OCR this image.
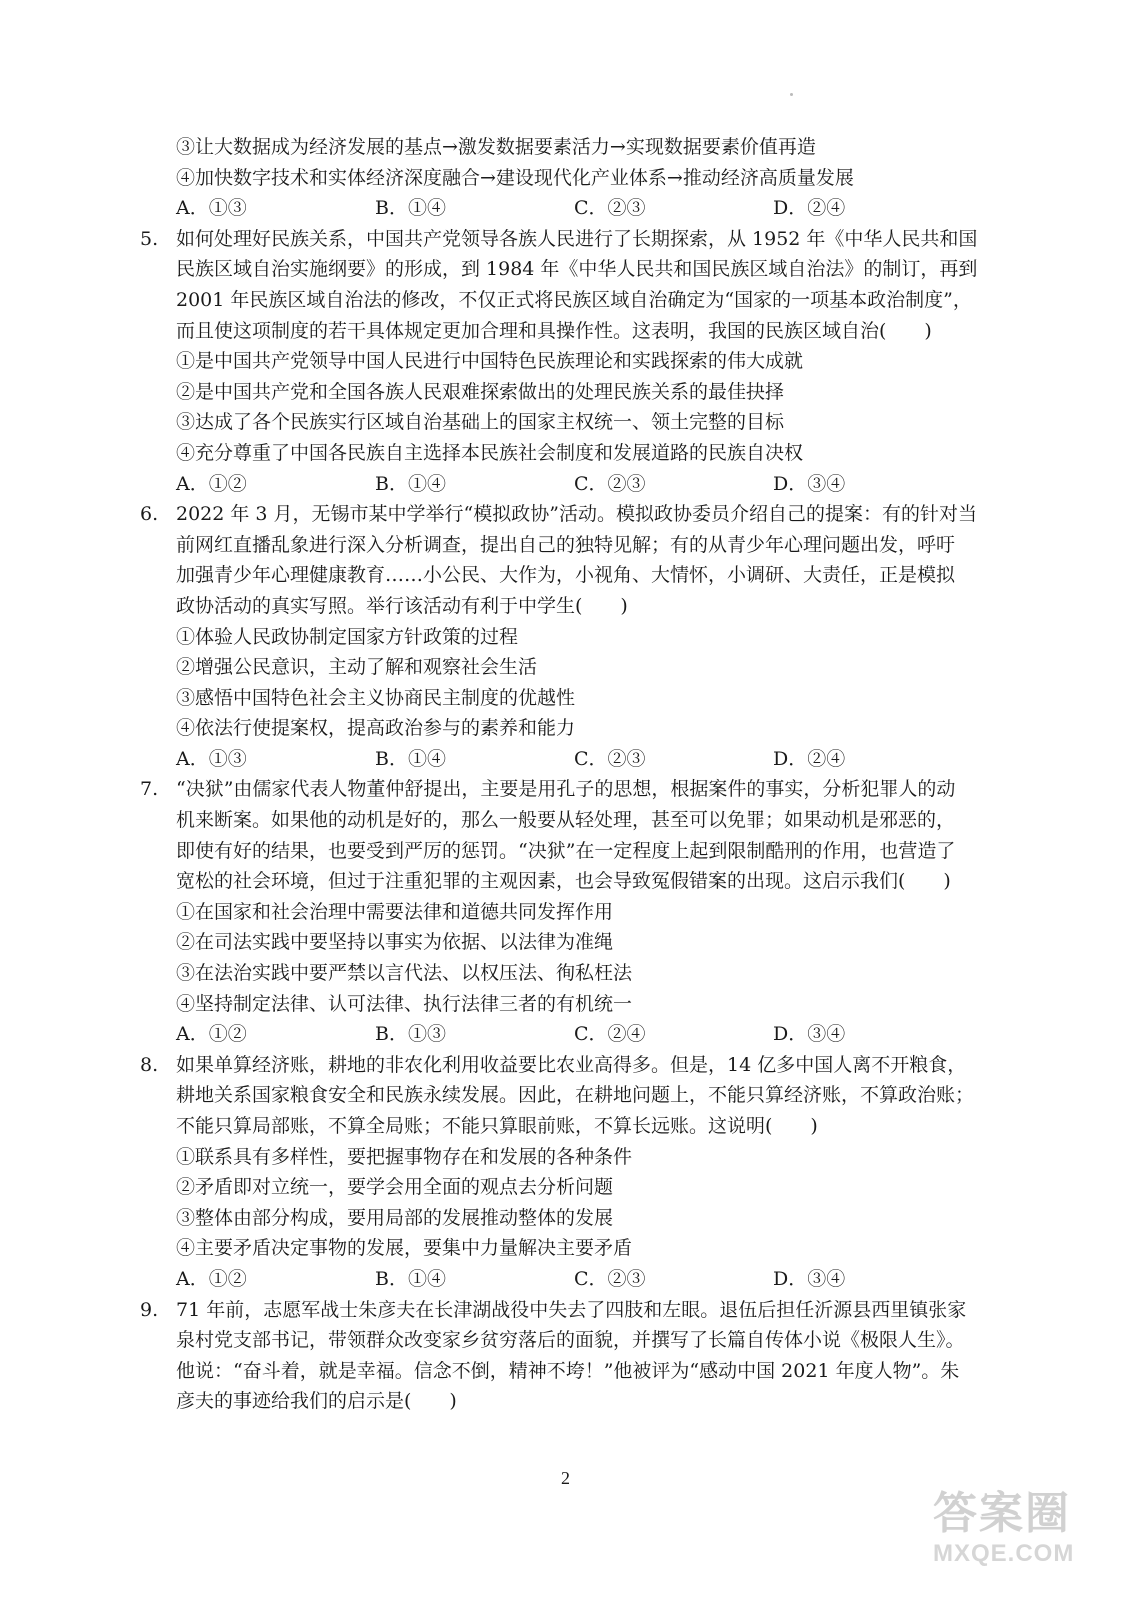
③让大数据成为经济发展的基点→激发数据要素活力→实现数据要素价值再造
④加快数字技术和实体经济深度融合→建设现代化产业体系→推动经济高质量发展
A．①③	B．①④	C．②③	D．②④
5. 如何处理好民族关系，中国共产党领导各族人民进行了长期探索，从 1952 年《中华人民共和国
民族区域自治实施纲要》的形成，到 1984 年《中华人民共和国民族区域自治法》的制订，再到
2001 年民族区域自治法的修改，不仅正式将民族区域自治确定为“国家的一项基本政治制度”，
而且使这项制度的若干具体规定更加合理和具操作性。这表明，我国的民族区域自治(　　)
①是中国共产党领导中国人民进行中国特色民族理论和实践探索的伟大成就
②是中国共产党和全国各族人民艰难探索做出的处理民族关系的最佳抉择
③达成了各个民族实行区域自治基础上的国家主权统一、领土完整的目标
④充分尊重了中国各民族自主选择本民族社会制度和发展道路的民族自决权
A．①②	B．①④	C．②③	D．③④
6. 2022 年 3 月，无锡市某中学举行“模拟政协”活动。模拟政协委员介绍自己的提案：有的针对当
前网红直播乱象进行深入分析调查，提出自己的独特见解；有的从青少年心理问题出发，呼吁
加强青少年心理健康教育……小公民、大作为，小视角、大情怀，小调研、大责任，正是模拟
政协活动的真实写照。举行该活动有利于中学生(　　)
①体验人民政协制定国家方针政策的过程
②增强公民意识，主动了解和观察社会生活
③感悟中国特色社会主义协商民主制度的优越性
④依法行使提案权，提高政治参与的素养和能力
A．①③	B．①④	C．②③	D．②④
7. “决狱”由儒家代表人物董仲舒提出，主要是用孔子的思想，根据案件的事实，分析犯罪人的动
机来断案。如果他的动机是好的，那么一般要从轻处理，甚至可以免罪；如果动机是邪恶的，
即使有好的结果，也要受到严厉的惩罚。“决狱”在一定程度上起到限制酷刑的作用，也营造了
宽松的社会环境，但过于注重犯罪的主观因素，也会导致冤假错案的出现。这启示我们(　　)
①在国家和社会治理中需要法律和道德共同发挥作用
②在司法实践中要坚持以事实为依据、以法律为准绳
③在法治实践中要严禁以言代法、以权压法、徇私枉法
④坚持制定法律、认可法律、执行法律三者的有机统一
A．①②	B．①③	C．②④	D．③④
8. 如果单算经济账，耕地的非农化利用收益要比农业高得多。但是，14 亿多中国人离不开粮食，
耕地关系国家粮食安全和民族永续发展。因此，在耕地问题上，不能只算经济账，不算政治账；
不能只算局部账，不算全局账；不能只算眼前账，不算长远账。这说明(　　)
①联系具有多样性，要把握事物存在和发展的各种条件
②矛盾即对立统一，要学会用全面的观点去分析问题
③整体由部分构成，要用局部的发展推动整体的发展
④主要矛盾决定事物的发展，要集中力量解决主要矛盾
A．①②	B．①④	C．②③	D．③④
9. 71 年前，志愿军战士朱彦夫在长津湖战役中失去了四肢和左眼。退伍后担任沂源县西里镇张家
泉村党支部书记，带领群众改变家乡贫穷落后的面貌，并撰写了长篇自传体小说《极限人生》。
他说：“奋斗着，就是幸福。信念不倒，精神不垮！”他被评为“感动中国 2021 年度人物”。朱
彦夫的事迹给我们的启示是(　　)
2
答案圈
MXQE.COM
